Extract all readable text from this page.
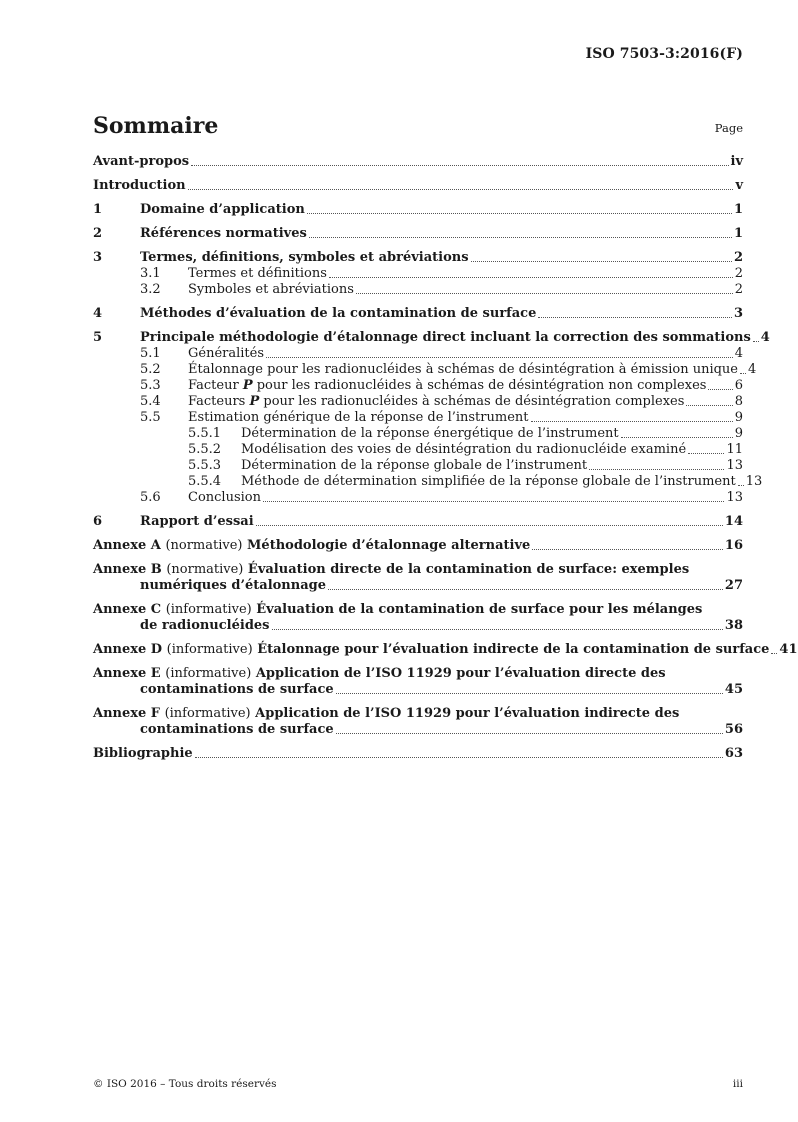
ISO 7503-3:2016(F)
Sommaire	Page
Avant-propos	iv
Introduction	v
1	Domaine d’application	1
2	Références normatives	1
3	Termes, définitions, symboles et abréviations	2
3.1	Termes et définitions	2
3.2	Symboles et abréviations	2
4	Méthodes d’évaluation de la contamination de surface	3
5	Principale méthodologie d’étalonnage direct incluant la correction des sommations 4
5.1	Généralités	4
5.2	Étalonnage pour les radionucléides à schémas de désintégration à émission unique 4
5.3	Facteur P pour les radionucléides à schémas de désintégration non complexes 6
5.4	Facteurs P pour les radionucléides à schémas de désintégration complexes	8
5.5	Estimation générique de la réponse de l’instrument	9
5.5.1	Détermination de la réponse énergétique de l’instrument	9
5.5.2	Modélisation des voies de désintégration du radionucléide examiné	11
5.5.3	Détermination de la réponse globale de l’instrument	13
5.5.4	Méthode de détermination simplifiée de la réponse globale de l’instrument 13
5.6	Conclusion	13
6	Rapport d’essai	14
Annexe A (normative) Méthodologie d’étalonnage alternative	16
Annexe B (normative) Évaluation directe de la contamination de surface: exemples
numériques d’étalonnage	27
Annexe C (informative) Évaluation de la contamination de surface pour les mélanges
de radionucléides	38
Annexe D (informative) Étalonnage pour l’évaluation indirecte de la contamination de surface 41
Annexe E (informative) Application de l’ISO 11929 pour l’évaluation directe des
contaminations de surface	45
Annexe F (informative) Application de l’ISO 11929 pour l’évaluation indirecte des
contaminations de surface	56
Bibliographie	63
© ISO 2016 – Tous droits réservés	iii
